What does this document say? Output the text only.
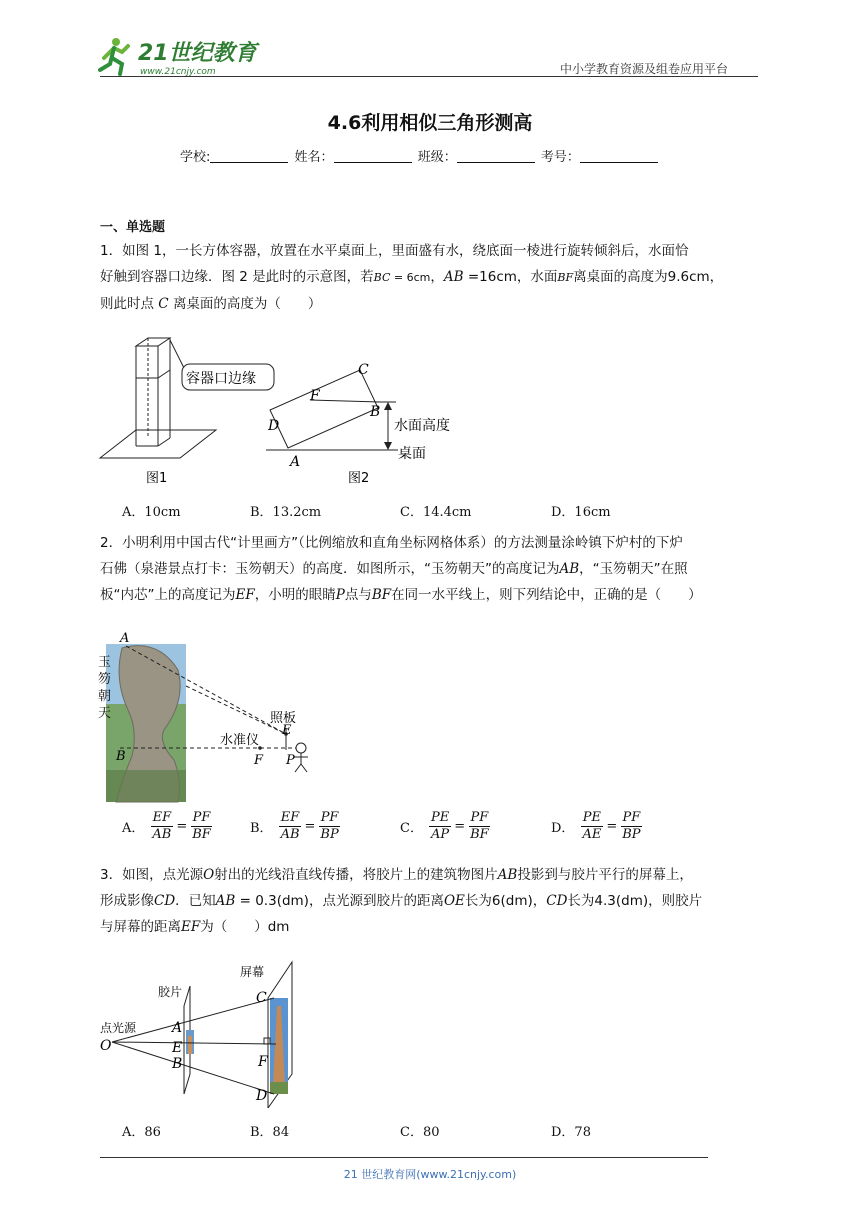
21世纪教育
www.21cnjy.com	中小学教育资源及组卷应用平台
4.6利用相似三角形测高
学校:	姓名：	班级：	考号：
一、单选题
1．如图 1，一长方体容器，放置在水平桌面上，里面盛有水，绕底面一棱进行旋转倾斜后，水面恰
好触到容器口边缘．图 2 是此时的示意图，若BC = 6cm，AB =16cm，水面BF离桌面的高度为9.6cm，
则此时点 C 离桌面的高度为（　　）
容器口边缘
图1
C
F
B
D
A
水面高度
桌面
图2
A．10cm	B．13.2cm	C．14.4cm	D．16cm
2．小明利用中国古代“计里画方”（比例缩放和直角坐标网格体系）的方法测量涂岭镇下炉村的下炉
石佛（泉港景点打卡：玉笏朝天）的高度．如图所示，“玉笏朝天”的高度记为AB，“玉笏朝天”在照
板“内芯”上的高度记为EF，小明的眼睛P点与BF在同一水平线上，则下列结论中，正确的是（　　）
A
B
E
F P
照板
水准仪
玉笏朝天
A． $\frac{EF}{AB} = \frac{PF}{BF}$	B． $\frac{EF}{AB} = \frac{PF}{BP}$	C． $\frac{PE}{AP} = \frac{PF}{BF}$	D． $\frac{PE}{AE} = \frac{PF}{BP}$
3．如图，点光源O射出的光线沿直线传播，将胶片上的建筑物图片AB投影到与胶片平行的屏幕上，
形成影像CD．已知AB = 0.3(dm)，点光源到胶片的距离OE长为6(dm)，CD长为4.3(dm)，则胶片
与屏幕的距离EF为（　　）dm
屏幕
胶片
点光源
O
A
E
B
C
F
D
A．86	B．84	C．80	D．78
21 世纪教育网(www.21cnjy.com)
